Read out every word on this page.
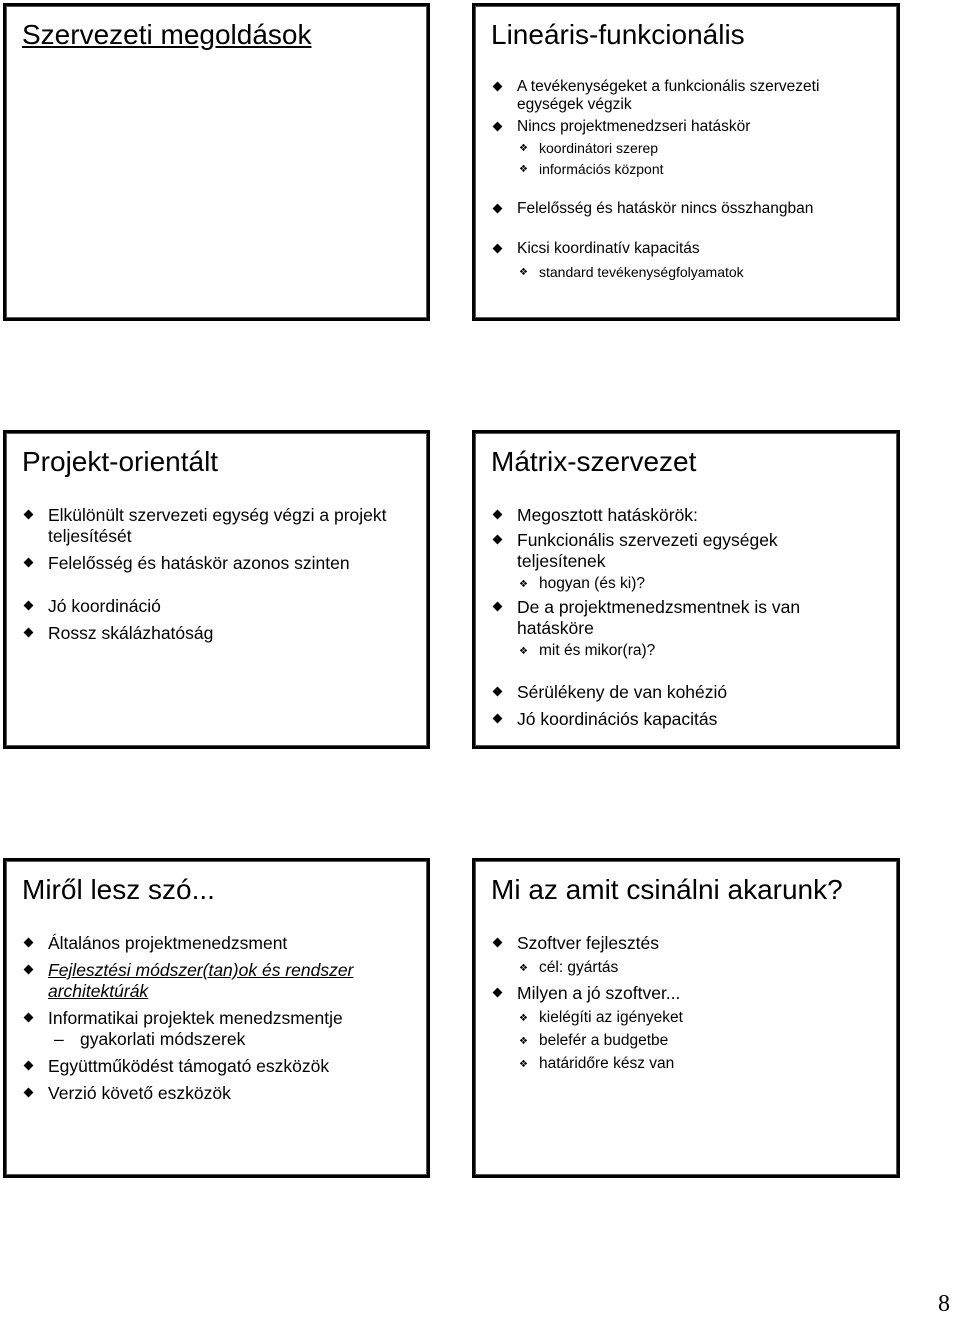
Szervezeti megoldások	Lineáris-funkcionális
A tevékenységeket a funkcionális szervezeti egységek végzik
Nincs projektmenedzseri hatáskör
❖ koordinátori szerep
❖ információs központ
Felelősség és hatáskör nincs összhangban
Kicsi koordinatív kapacitás
❖ standard tevékenységfolyamatok
Projekt-orientált
Elkülönült szervezeti egység végzi a projekt teljesítését
Felelősség és hatáskör azonos szinten
Jó koordináció
Rossz skálázhatóság
Mátrix-szervezet
Megosztott hatáskörök:
Funkcionális szervezeti egységek teljesítenek
❖ hogyan (és ki)?
De a projektmenedzsmentnek is van hatásköre
❖ mit és mikor(ra)?
Sérülékeny de van kohézió
Jó koordinációs kapacitás
Miről lesz szó...
Általános projektmenedzsment
Fejlesztési módszer(tan)ok és rendszer architektúrák
Informatikai projektek menedzsmentje
– gyakorlati módszerek
Együttműködést támogató eszközök
Verzió követő eszközök
Mi az amit csinálni akarunk?
Szoftver fejlesztés
❖ cél: gyártás
Milyen a jó szoftver...
❖ kielégíti az igényeket
❖ belefér a budgetbe
❖ határidőre kész van
8
